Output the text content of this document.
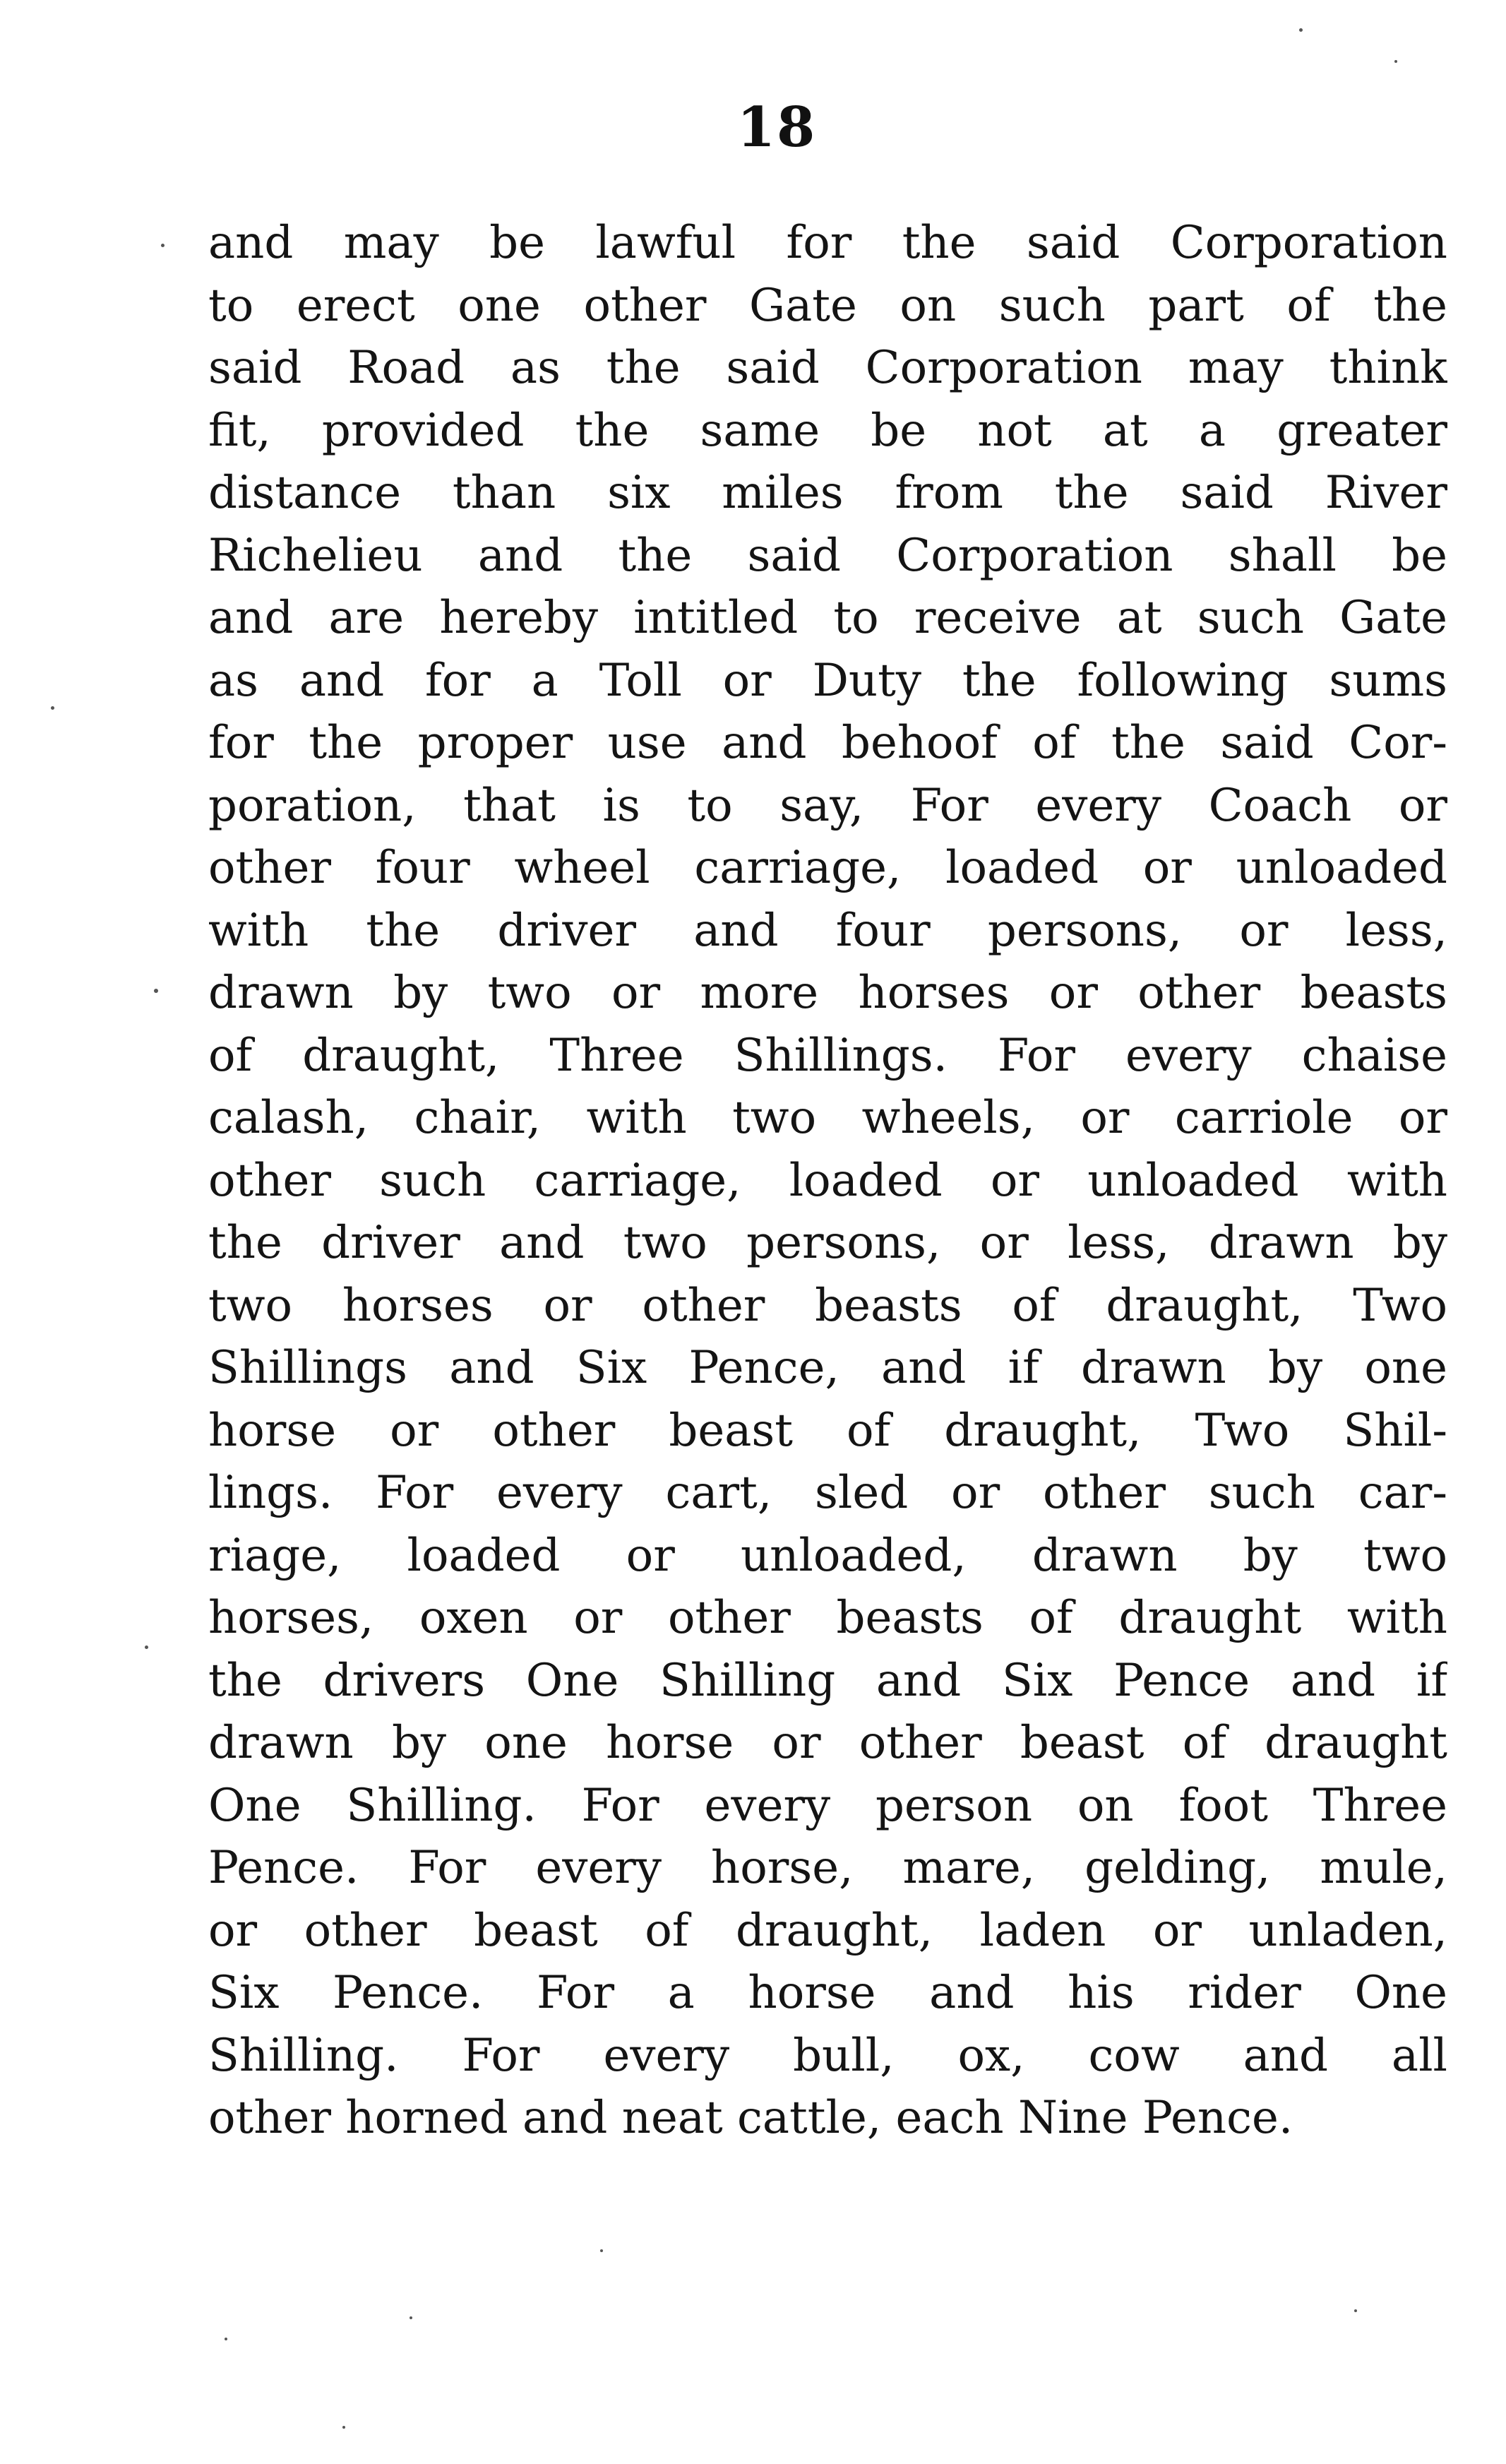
18
and may be lawful for the said Corporation
to erect one other Gate on such part of the
said Road as the said Corporation may think
fit, provided the same be not at a greater
distance than six miles from the said River
Richelieu and the said Corporation shall be
and are hereby intitled to receive at such Gate
as and for a Toll or Duty the following sums
for the proper use and behoof of the said Cor-
poration, that is to say, For every Coach or
other four wheel carriage, loaded or unloaded
with the driver and four persons, or less,
drawn by two or more horses or other beasts
of draught, Three Shillings. For every chaise
calash, chair, with two wheels, or carriole or
other such carriage, loaded or unloaded with
the driver and two persons, or less, drawn by
two horses or other beasts of draught, Two
Shillings and Six Pence, and if drawn by one
horse or other beast of draught, Two Shil-
lings. For every cart, sled or other such car-
riage, loaded or unloaded, drawn by two
horses, oxen or other beasts of draught with
the drivers One Shilling and Six Pence and if
drawn by one horse or other beast of draught
One Shilling. For every person on foot Three
Pence. For every horse, mare, gelding, mule,
or other beast of draught, laden or unladen,
Six Pence. For a horse and his rider One
Shilling. For every bull, ox, cow and all
other horned and neat cattle, each Nine Pence.
